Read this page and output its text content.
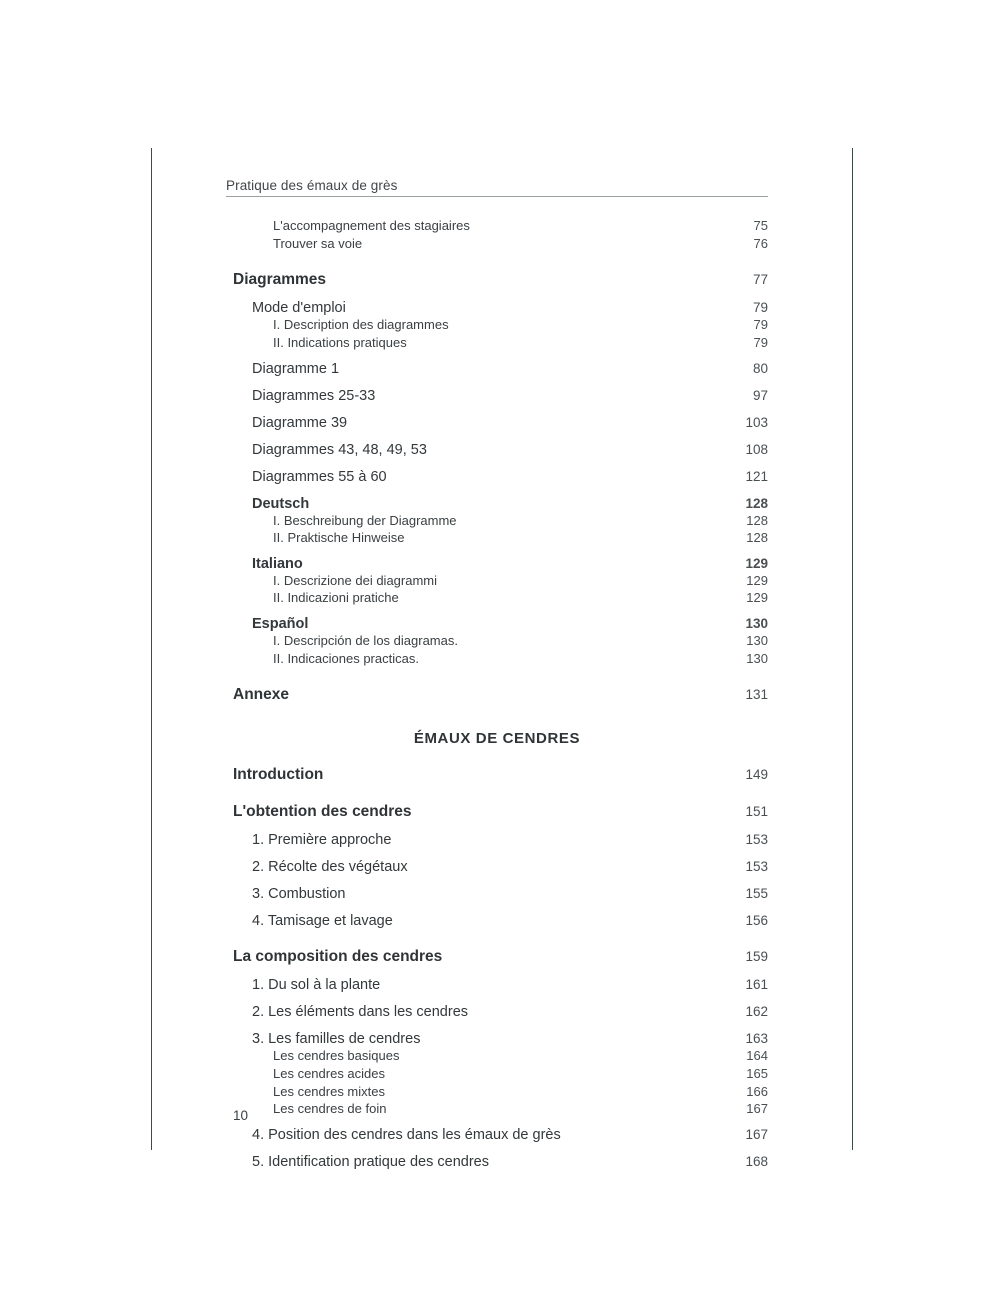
Pratique des émaux de grès
L'accompagnement des stagiaires	75
Trouver sa voie	76
Diagrammes	77
Mode d'emploi	79
I. Description des diagrammes	79
II. Indications pratiques	79
Diagramme 1	80
Diagrammes 25-33	97
Diagramme 39	103
Diagrammes 43, 48, 49, 53	108
Diagrammes 55 à 60	121
Deutsch	128
I. Beschreibung der Diagramme	128
II. Praktische Hinweise	128
Italiano	129
I. Descrizione dei diagrammi	129
II. Indicazioni pratiche	129
Español	130
I. Descripción de los diagramas.	130
II. Indicaciones practicas.	130
Annexe	131
ÉMAUX DE CENDRES
Introduction	149
L'obtention des cendres	151
1. Première approche	153
2. Récolte des végétaux	153
3. Combustion	155
4. Tamisage et lavage	156
La composition des cendres	159
1. Du sol à la plante	161
2. Les éléments dans les cendres	162
3. Les familles de cendres	163
Les cendres basiques	164
Les cendres acides	165
Les cendres mixtes	166
Les cendres de foin	167
4. Position des cendres dans les émaux de grès	167
5. Identification pratique des cendres	168
10
